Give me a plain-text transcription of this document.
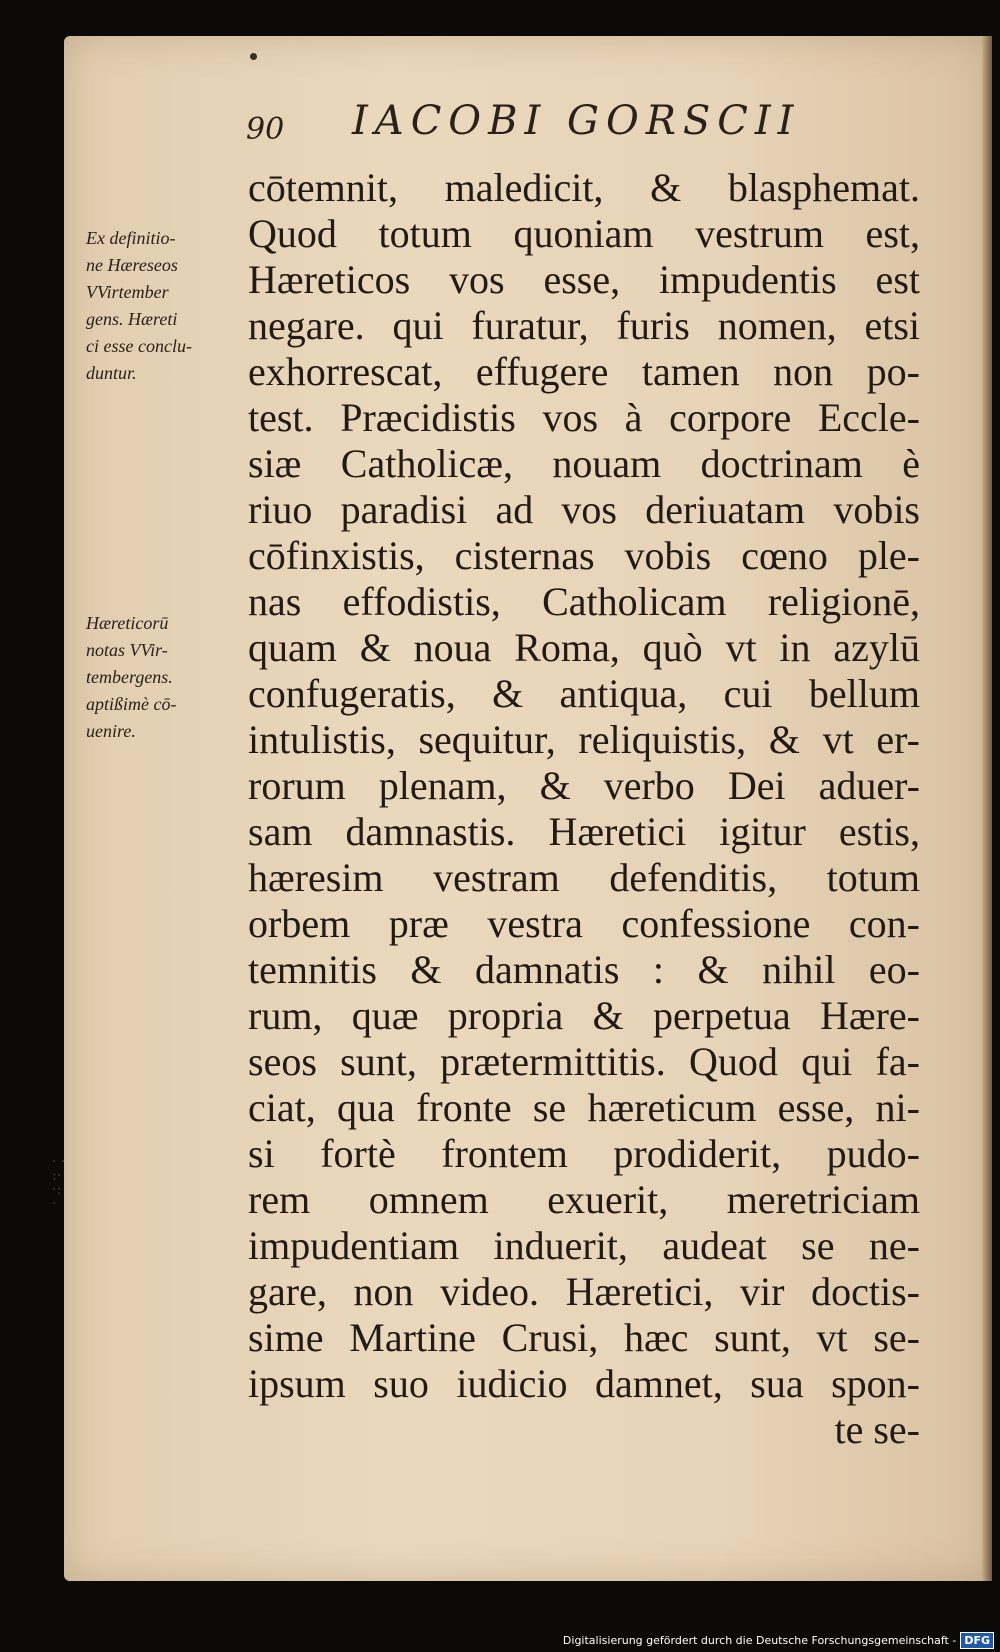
90 IACOBI GORSCII
Ex definitio-
ne Hæreseos
VVirtember
gens. Hæreti
ci esse conclu-
duntur.
Hæreticorū
notas VVir-
tembergens.
aptißimè cō-
uenire.
cōtemnit, maledicit, & blasphemat.
Quod totum quoniam vestrum est,
Hæreticos vos esse, impudentis est
negare. qui furatur, furis nomen, etsi
exhorrescat, effugere tamen non po-
test. Præcidistis vos à corpore Eccle-
siæ Catholicæ, nouam doctrinam è
riuo paradisi ad vos deriuatam vobis
cōfinxistis, cisternas vobis cœno ple-
nas effodistis, Catholicam religionē,
quam & noua Roma, quò vt in azylū
confugeratis, & antiqua, cui bellum
intulistis, sequitur, reliquistis, & vt er-
rorum plenam, & verbo Dei aduer-
sam damnastis. Hæretici igitur estis,
hæresim vestram defenditis, totum
orbem præ vestra confessione con-
temnitis & damnatis : & nihil eo-
rum, quæ propria & perpetua Hære-
seos sunt, prætermittitis. Quod qui fa-
ciat, qua fronte se hæreticum esse, ni-
si fortè frontem prodiderit, pudo-
rem omnem exuerit, meretriciam
impudentiam induerit, audeat se ne-
gare, non video. Hæretici, vir doctis-
sime Martine Crusi, hæc sunt, vt se-
ipsum suo iudicio damnet, sua spon-
te se-
· ·
:·
·:
·
Digitalisierung gefördert durch die Deutsche Forschungsgemeinschaft - DFG
